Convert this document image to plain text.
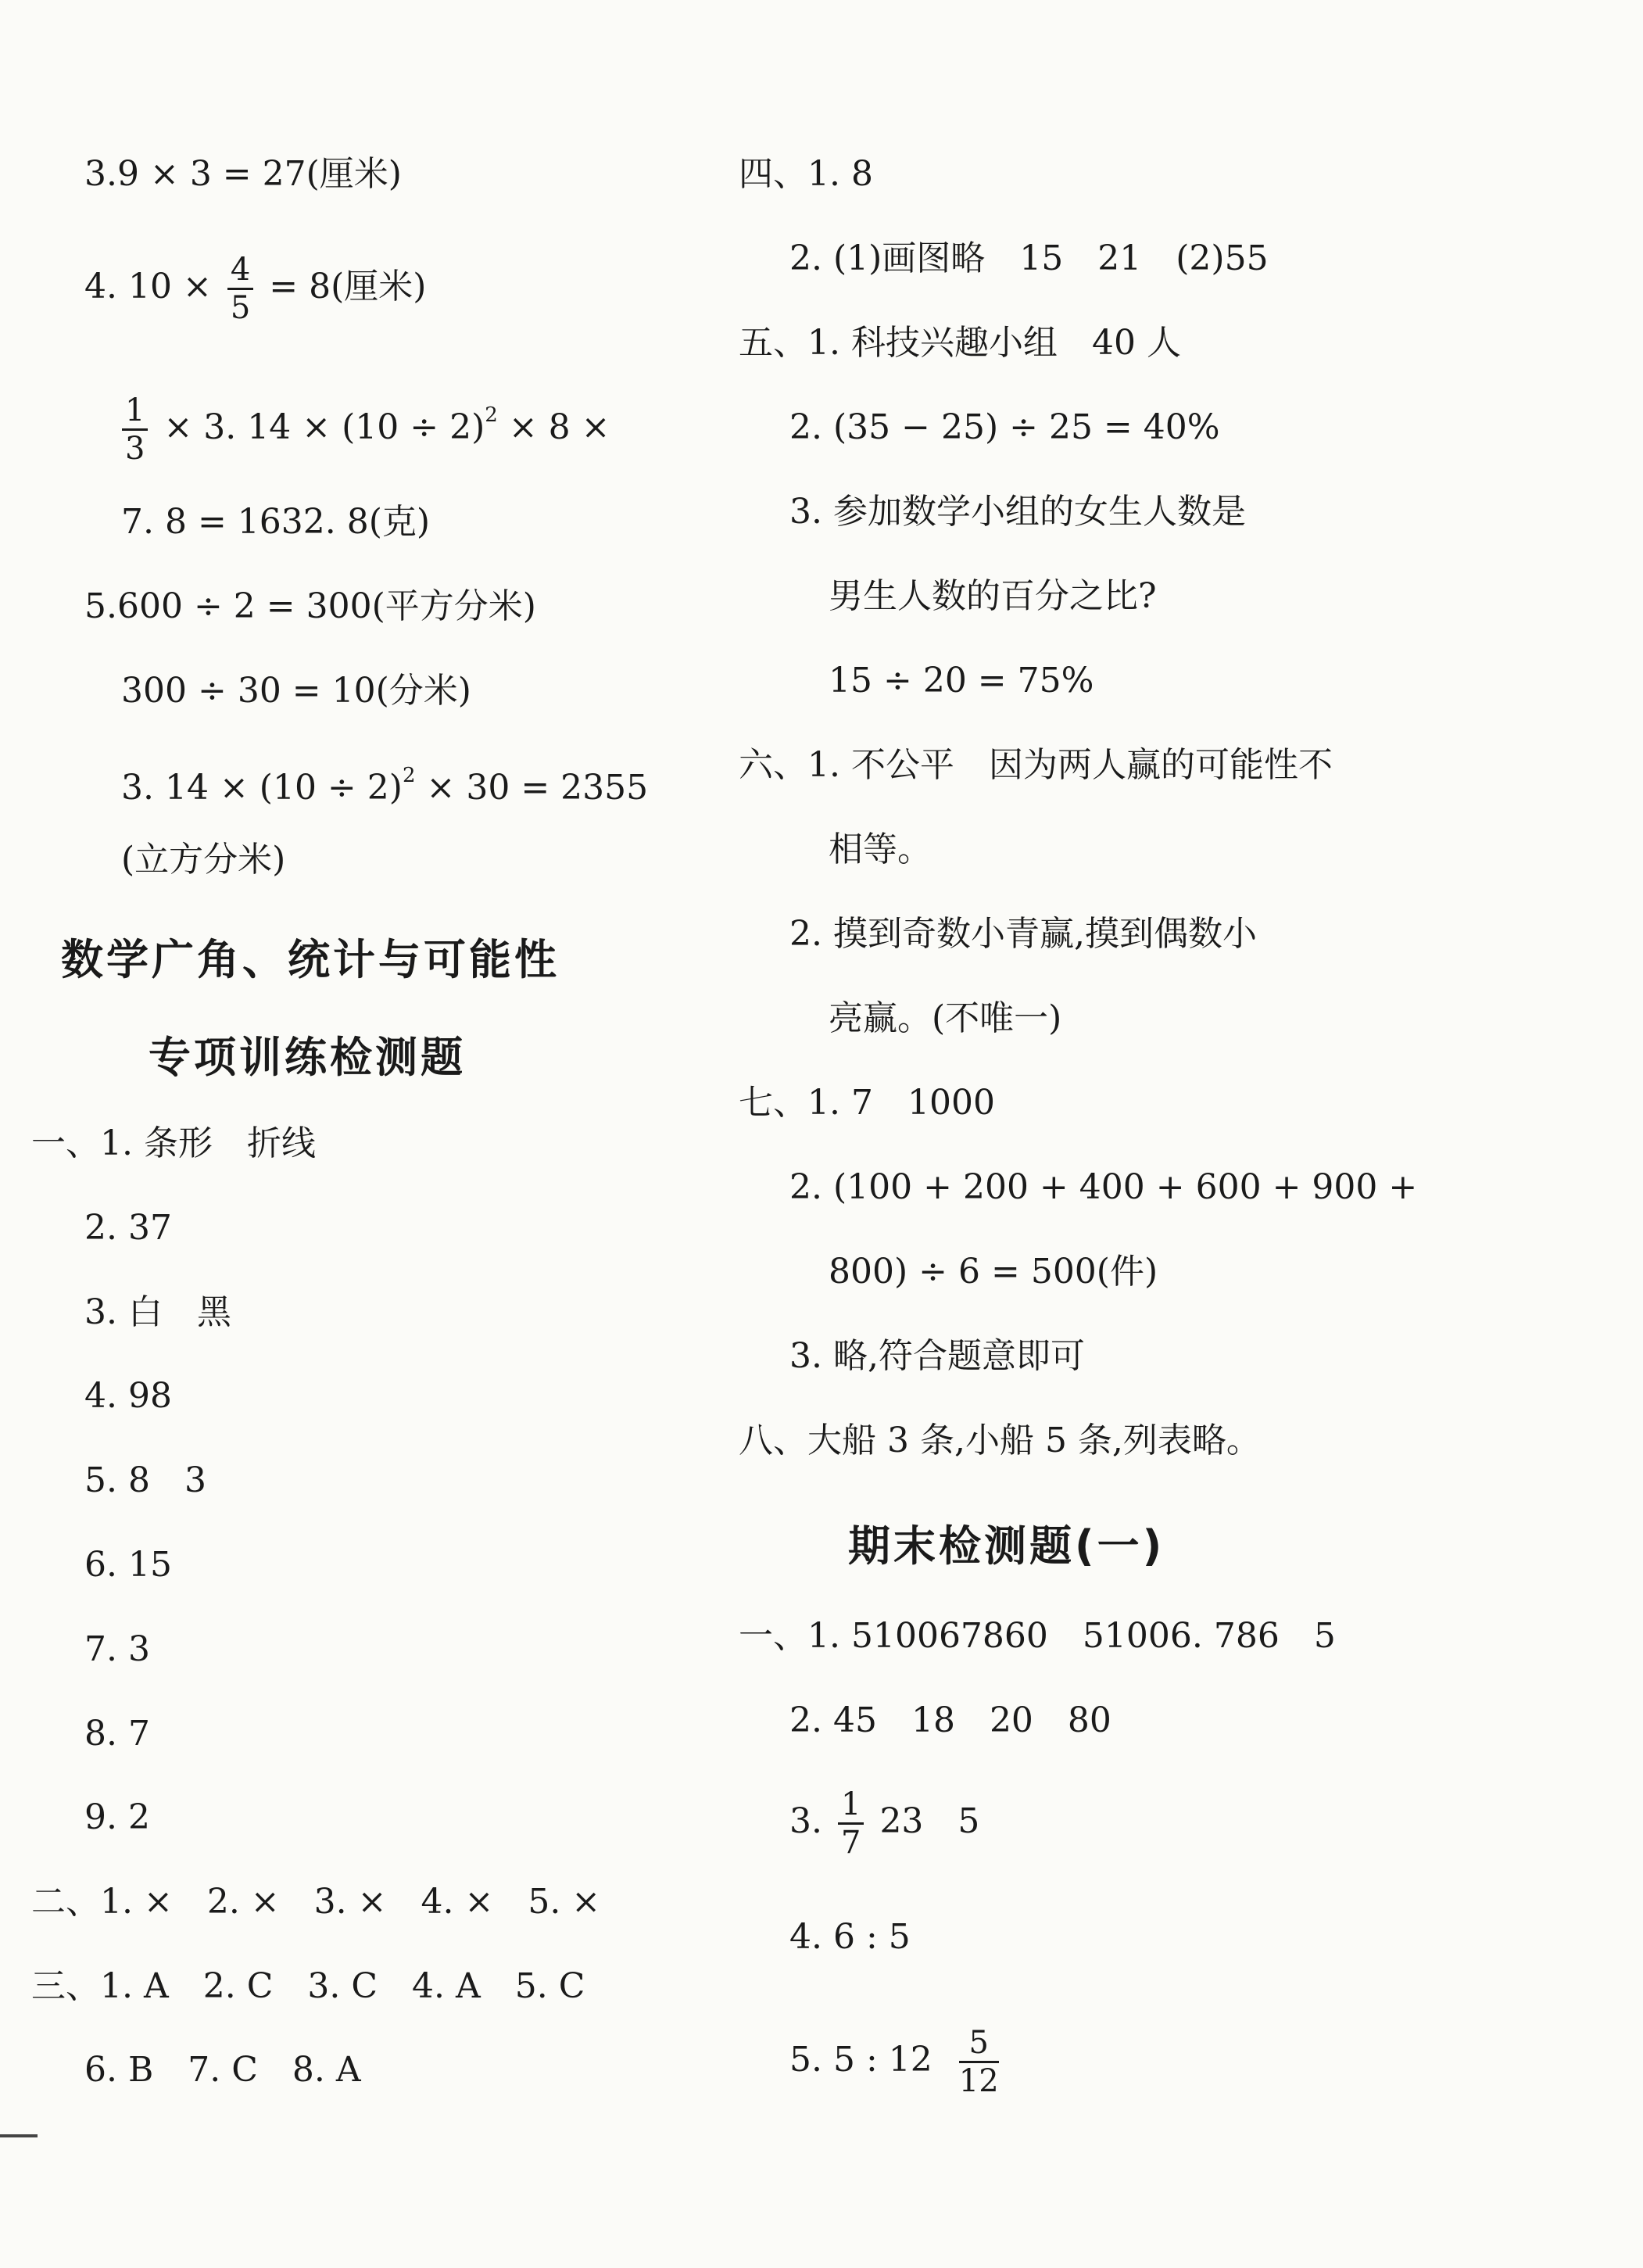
3.9 × 3 = 27(厘米)
4. $10 \times \frac{4}{5} = 8$(厘米)
$\frac{1}{3} \times 3$. $14 \times (10 \div 2)^2 \times 8$ ×
7. 8 = 1632. 8(克)
5.600 ÷ 2 = 300(平方分米)
300 ÷ 30 = 10(分米)
3. $14 \times (10 \div 2)^2 \times 30 = 2355$
(立方分米)
数学广角、统计与可能性
专项训练检测题
一、1. 条形　折线
2. 37
3. 白　黑
4. 98
5. 8　3
6. 15
7. 3
8. 7
9. 2
二、1. ×　2. ×　3. ×　4. ×　5. ×
三、1. A　2. C　3. C　4. A　5. C
6. B　7. C　8. A
四、1. 8
2. (1)画图略　15　21　(2)55
五、1. 科技兴趣小组　40 人
2. (35 − 25) ÷ 25 = 40%
3. 参加数学小组的女生人数是
男生人数的百分之比?
15 ÷ 20 = 75%
六、1. 不公平　因为两人赢的可能性不
相等。
2. 摸到奇数小青赢,摸到偶数小
亮赢。(不唯一)
七、1. 7　1000
2. (100 + 200 + 400 + 600 + 900 +
800) ÷ 6 = 500(件)
3. 略,符合题意即可
八、大船 3 条,小船 5 条,列表略。
期末检测题(一)
一、1. 510067860　51006. 786　5
2. 45　18　20　80
3. $\frac{1}{7} 23$　5
4. 6 : 5
5. 5 : $12 \frac{5}{12}$
